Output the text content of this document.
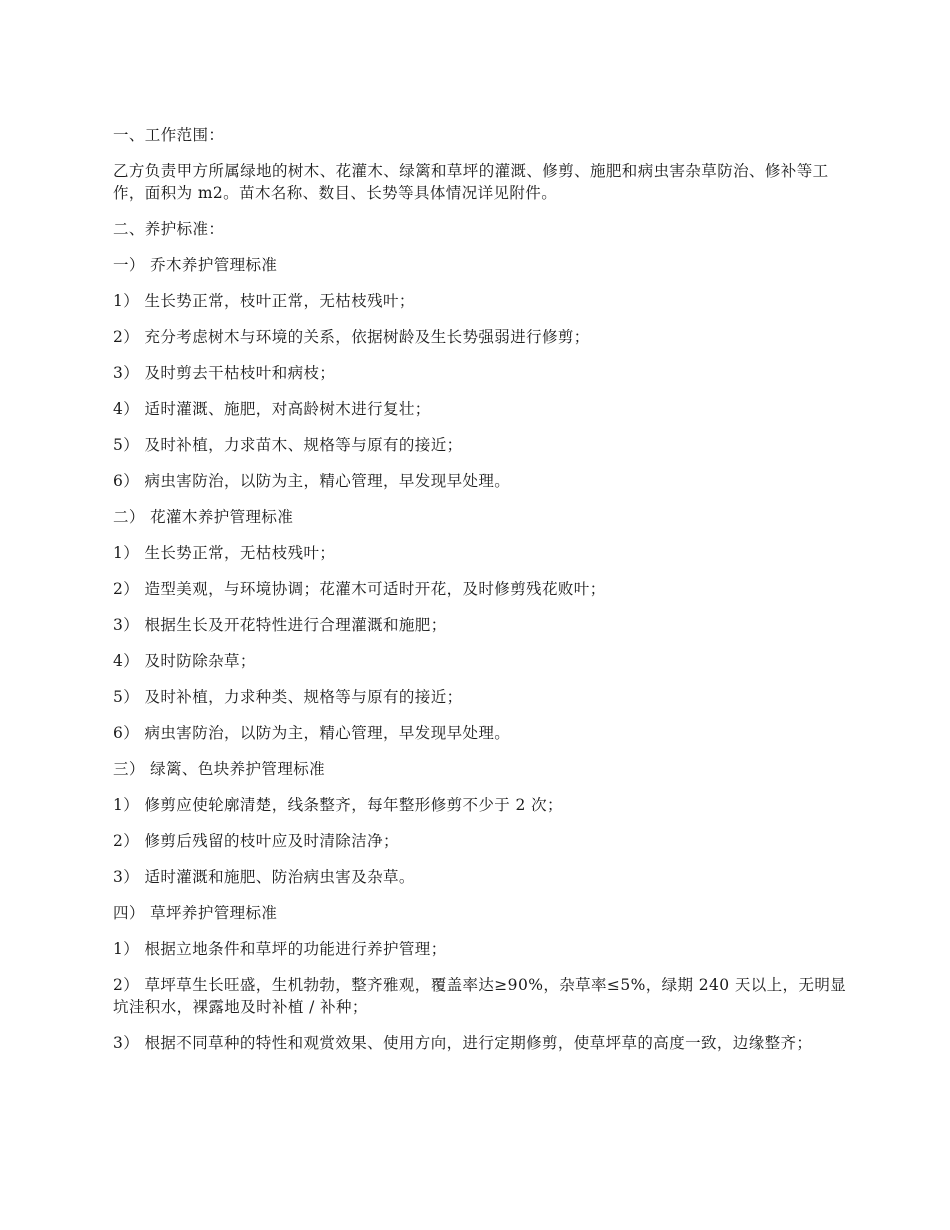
一、工作范围：

乙方负责甲方所属绿地的树木、花灌木、绿篱和草坪的灌溉、修剪、施肥和病虫害杂草防治、修补等工作，面积为 m2。苗木名称、数目、长势等具体情况详见附件。

二、养护标准：

一） 乔木养护管理标准

1） 生长势正常，枝叶正常，无枯枝残叶；

2） 充分考虑树木与环境的关系，依据树龄及生长势强弱进行修剪；

3） 及时剪去干枯枝叶和病枝；

4） 适时灌溉、施肥，对高龄树木进行复壮；

5） 及时补植，力求苗木、规格等与原有的接近；

6） 病虫害防治，以防为主，精心管理，早发现早处理。

二） 花灌木养护管理标准

1） 生长势正常，无枯枝残叶；

2） 造型美观，与环境协调；花灌木可适时开花，及时修剪残花败叶；

3） 根据生长及开花特性进行合理灌溉和施肥；

4） 及时防除杂草；

5） 及时补植，力求种类、规格等与原有的接近；

6） 病虫害防治，以防为主，精心管理，早发现早处理。

三） 绿篱、色块养护管理标准

1） 修剪应使轮廓清楚，线条整齐，每年整形修剪不少于 2 次；

2） 修剪后残留的枝叶应及时清除洁净；

3） 适时灌溉和施肥、防治病虫害及杂草。

四） 草坪养护管理标准

1） 根据立地条件和草坪的功能进行养护管理；

2） 草坪草生长旺盛，生机勃勃，整齐雅观，覆盖率达≥90%，杂草率≤5%，绿期 240 天以上，无明显坑洼积水，裸露地及时补植 / 补种；

3） 根据不同草种的特性和观赏效果、使用方向，进行定期修剪，使草坪草的高度一致，边缘整齐；
